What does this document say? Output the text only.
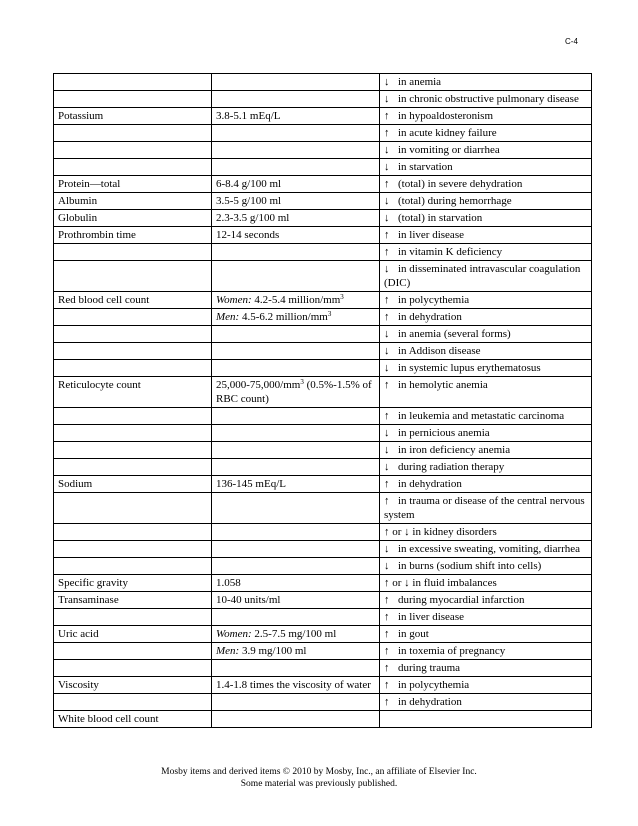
C-4
		↓ in anemia
		↓ in chronic obstructive pulmonary disease
Potassium	3.8-5.1 mEq/L	↑ in hypoaldosteronism
		↑ in acute kidney failure
		↓ in vomiting or diarrhea
		↓ in starvation
Protein—total	6-8.4 g/100 ml	↑ (total) in severe dehydration
Albumin	3.5-5 g/100 ml	↓ (total) during hemorrhage
Globulin	2.3-3.5 g/100 ml	↓ (total) in starvation
Prothrombin time	12-14 seconds	↑ in liver disease
		↑ in vitamin K deficiency
		↓ in disseminated intravascular coagulation (DIC)
Red blood cell count	Women: 4.2-5.4 million/$mm^3$	↑ in polycythemia
	Men: 4.5-6.2 million/$mm^3$	↑ in dehydration
		↓ in anemia (several forms)
		↓ in Addison disease
		↓ in systemic lupus erythematosus
Reticulocyte count	$25,000-75,000/mm^3$ (0.5%-1.5% of RBC count)	↑ in hemolytic anemia
		↑ in leukemia and metastatic carcinoma
		↓ in pernicious anemia
		↓ in iron deficiency anemia
		↓ during radiation therapy
Sodium	136-145 mEq/L	↑ in dehydration
		↑ in trauma or disease of the central nervous system
		↑ or ↓ in kidney disorders
		↓ in excessive sweating, vomiting, diarrhea
		↓ in burns (sodium shift into cells)
Specific gravity	1.058	↑ or ↓ in fluid imbalances
Transaminase	10-40 units/ml	↑ during myocardial infarction
		↑ in liver disease
Uric acid	Women: 2.5-7.5 mg/100 ml	↑ in gout
	Men: 3.9 mg/100 ml	↑ in toxemia of pregnancy
		↑ during trauma
Viscosity	1.4-1.8 times the viscosity of water	↑ in polycythemia
		↑ in dehydration
White blood cell count		
Mosby items and derived items © 2010 by Mosby, Inc., an affiliate of Elsevier Inc.
Some material was previously published.
